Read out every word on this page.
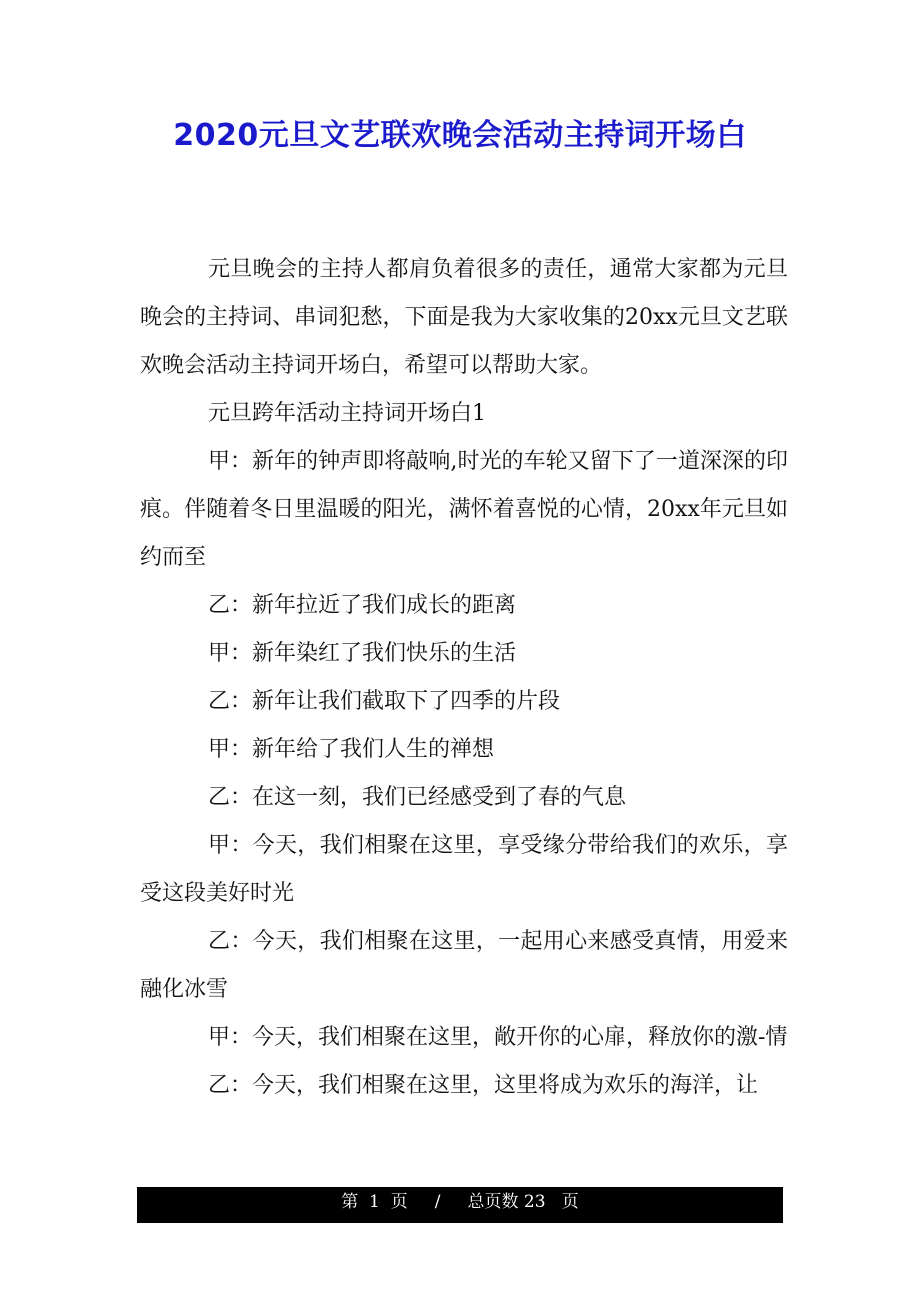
2020元旦文艺联欢晚会活动主持词开场白

元旦晚会的主持人都肩负着很多的责任，通常大家都为元旦晚会的主持词、串词犯愁，下面是我为大家收集的20xx元旦文艺联欢晚会活动主持词开场白，希望可以帮助大家。

元旦跨年活动主持词开场白1

甲：新年的钟声即将敲响,时光的车轮又留下了一道深深的印痕。伴随着冬日里温暖的阳光，满怀着喜悦的心情，20xx年元旦如约而至

乙：新年拉近了我们成长的距离

甲：新年染红了我们快乐的生活

乙：新年让我们截取下了四季的片段

甲：新年给了我们人生的禅想

乙：在这一刻，我们已经感受到了春的气息

甲：今天，我们相聚在这里，享受缘分带给我们的欢乐，享受这段美好时光

乙：今天，我们相聚在这里，一起用心来感受真情，用爱来融化冰雪

甲：今天，我们相聚在这里，敞开你的心扉，释放你的激-情

乙：今天，我们相聚在这里，这里将成为欢乐的海洋，让

第 1 页 / 总页数 23 页
